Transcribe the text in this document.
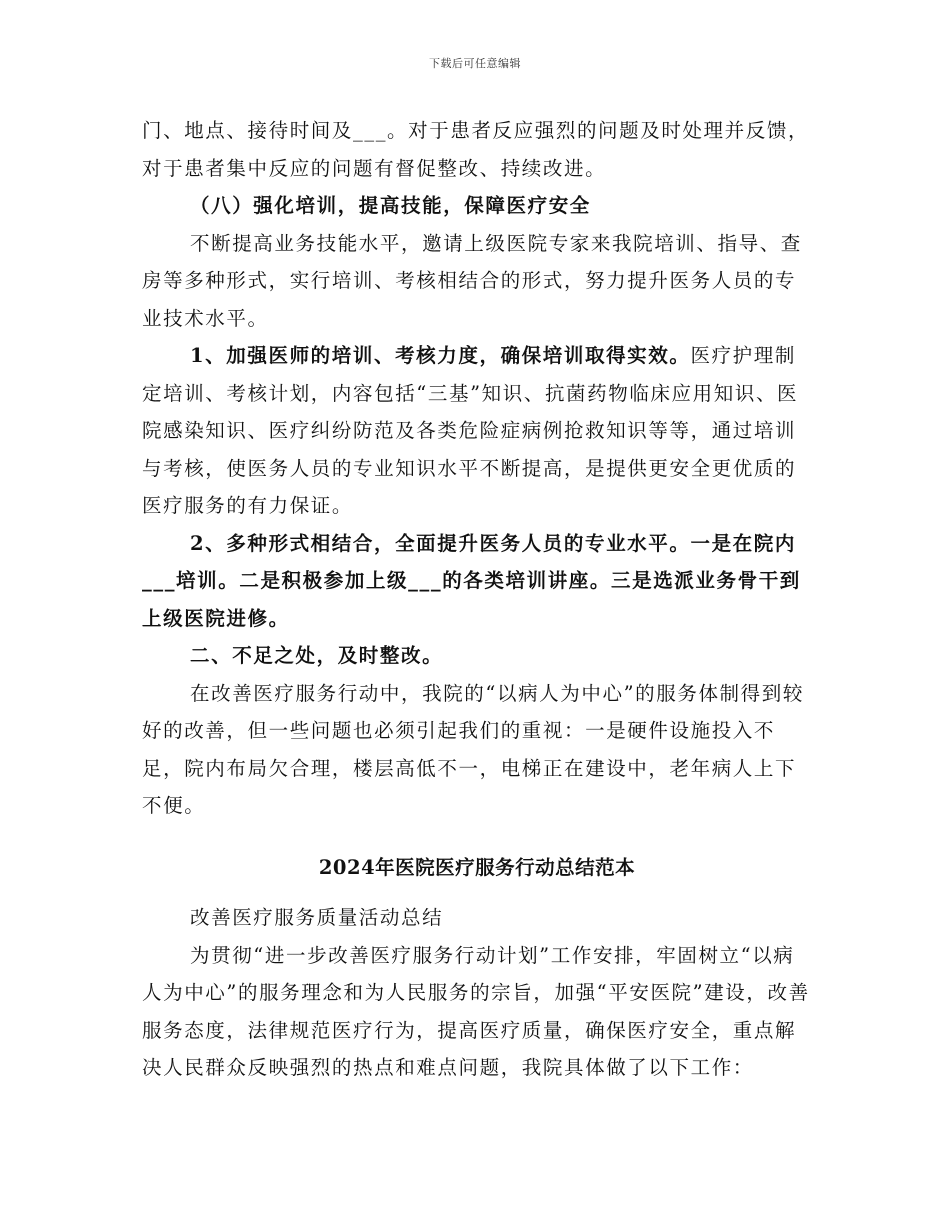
下载后可任意编辑

门、地点、接待时间及___。对于患者反应强烈的问题及时处理并反馈，对于患者集中反应的问题有督促整改、持续改进。

（八）强化培训，提高技能，保障医疗安全

不断提高业务技能水平，邀请上级医院专家来我院培训、指导、查房等多种形式，实行培训、考核相结合的形式，努力提升医务人员的专业技术水平。

1、加强医师的培训、考核力度，确保培训取得实效。医疗护理制定培训、考核计划，内容包括“三基”知识、抗菌药物临床应用知识、医院感染知识、医疗纠纷防范及各类危险症病例抢救知识等等，通过培训与考核，使医务人员的专业知识水平不断提高，是提供更安全更优质的医疗服务的有力保证。

2、多种形式相结合，全面提升医务人员的专业水平。一是在院内___培训。二是积极参加上级___的各类培训讲座。三是选派业务骨干到上级医院进修。

二、不足之处，及时整改。

在改善医疗服务行动中，我院的“以病人为中心”的服务体制得到较好的改善，但一些问题也必须引起我们的重视：一是硬件设施投入不足，院内布局欠合理，楼层高低不一，电梯正在建设中，老年病人上下不便。

2024年医院医疗服务行动总结范本

改善医疗服务质量活动总结

为贯彻“进一步改善医疗服务行动计划”工作安排，牢固树立“以病人为中心”的服务理念和为人民服务的宗旨，加强“平安医院”建设，改善服务态度，法律规范医疗行为，提高医疗质量，确保医疗安全，重点解决人民群众反映强烈的热点和难点问题，我院具体做了以下工作：
